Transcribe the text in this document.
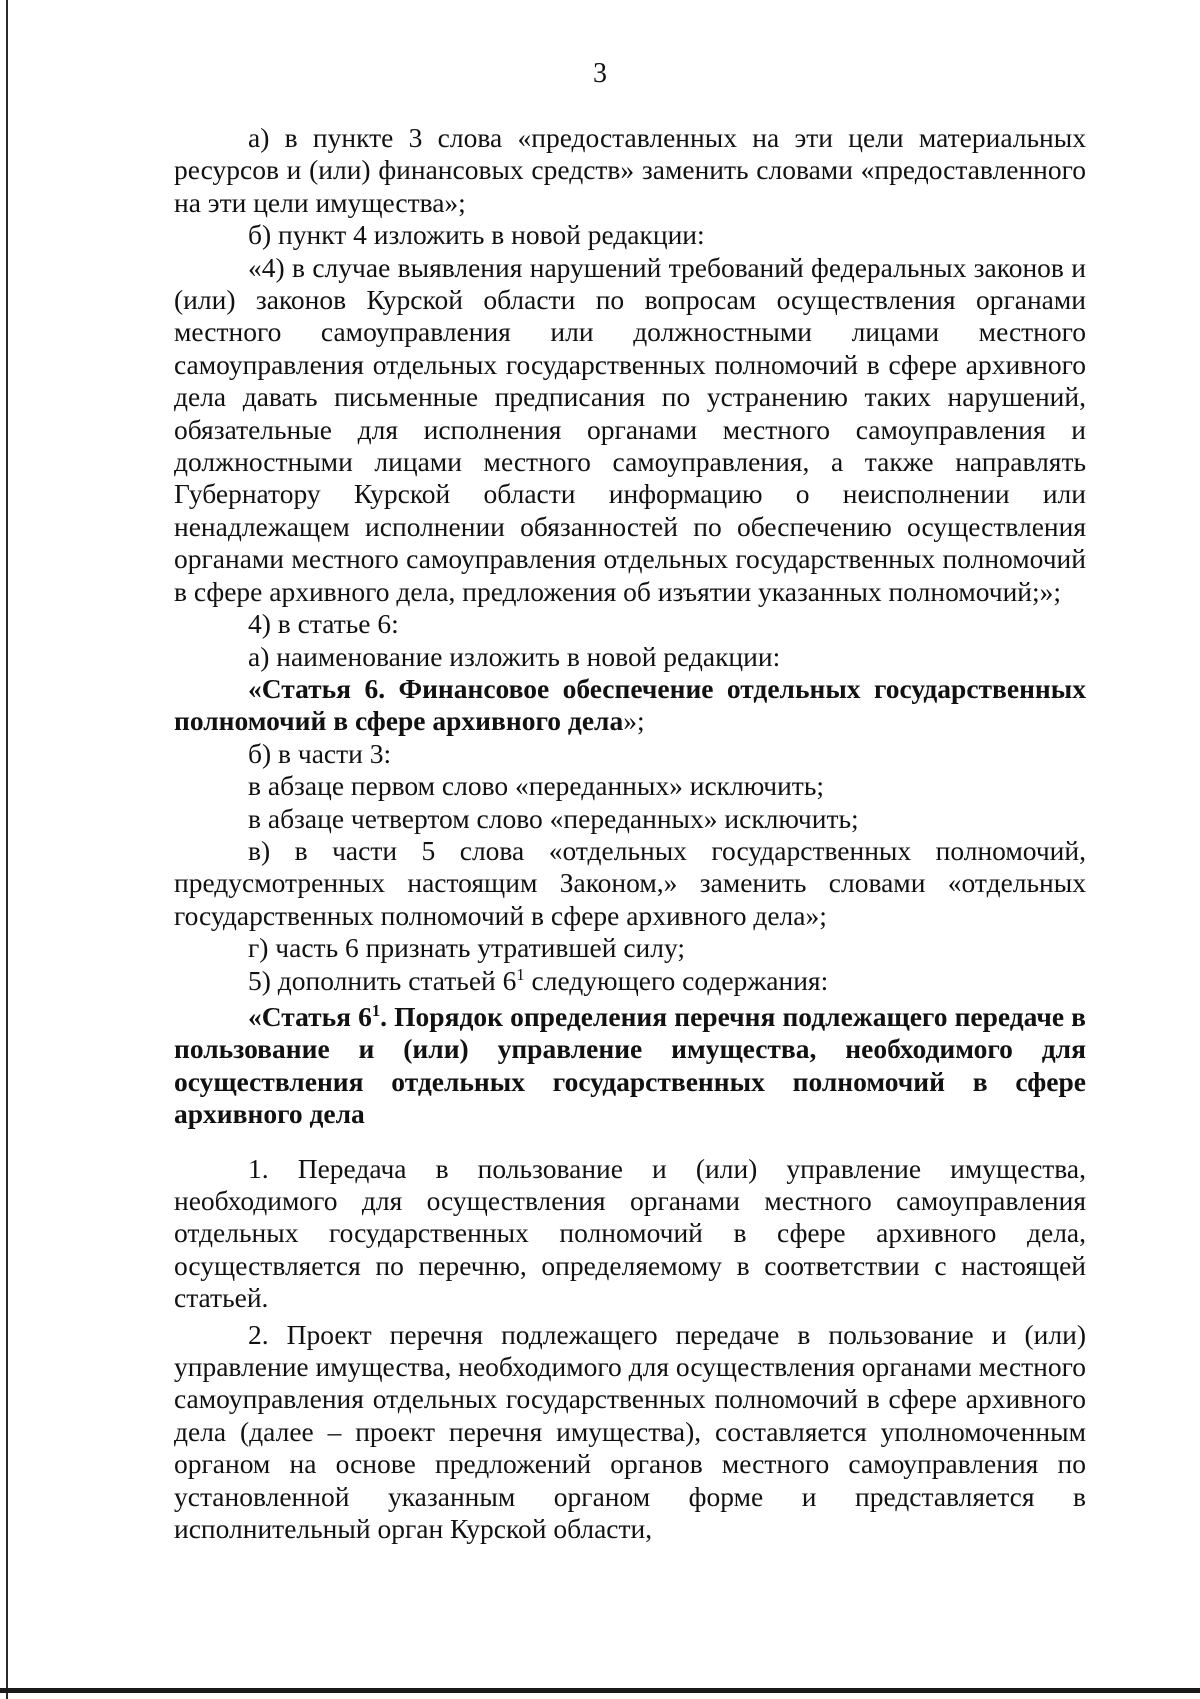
3

а) в пункте 3 слова «предоставленных на эти цели материальных ресурсов и (или) финансовых средств» заменить словами «предоставленного на эти цели имущества»;

б) пункт 4 изложить в новой редакции:

«4) в случае выявления нарушений требований федеральных законов и (или) законов Курской области по вопросам осуществления органами местного самоуправления или должностными лицами местного самоуправления отдельных государственных полномочий в сфере архивного дела давать письменные предписания по устранению таких нарушений, обязательные для исполнения органами местного самоуправления и должностными лицами местного самоуправления, а также направлять Губернатору Курской области информацию о неисполнении или ненадлежащем исполнении обязанностей по обеспечению осуществления органами местного самоуправления отдельных государственных полномочий в сфере архивного дела, предложения об изъятии указанных полномочий;»;

4) в статье 6:

а) наименование изложить в новой редакции:

«Статья 6. Финансовое обеспечение отдельных государственных полномочий в сфере архивного дела»;

б) в части 3:

в абзаце первом слово «переданных» исключить;

в абзаце четвертом слово «переданных» исключить;

в) в части 5 слова «отдельных государственных полномочий, предусмотренных настоящим Законом,» заменить словами «отдельных государственных полномочий в сфере архивного дела»;

г) часть 6 признать утратившей силу;

5) дополнить статьей $6^1$ следующего содержания:

«Статья $6^1$. Порядок определения перечня подлежащего передаче в пользование и (или) управление имущества, необходимого для осуществления отдельных государственных полномочий в сфере архивного дела

1. Передача в пользование и (или) управление имущества, необходимого для осуществления органами местного самоуправления отдельных государственных полномочий в сфере архивного дела, осуществляется по перечню, определяемому в соответствии с настоящей статьей.

2. Проект перечня подлежащего передаче в пользование и (или) управление имущества, необходимого для осуществления органами местного самоуправления отдельных государственных полномочий в сфере архивного дела (далее – проект перечня имущества), составляется уполномоченным органом на основе предложений органов местного самоуправления по установленной указанным органом форме и представляется в исполнительный орган Курской области,
